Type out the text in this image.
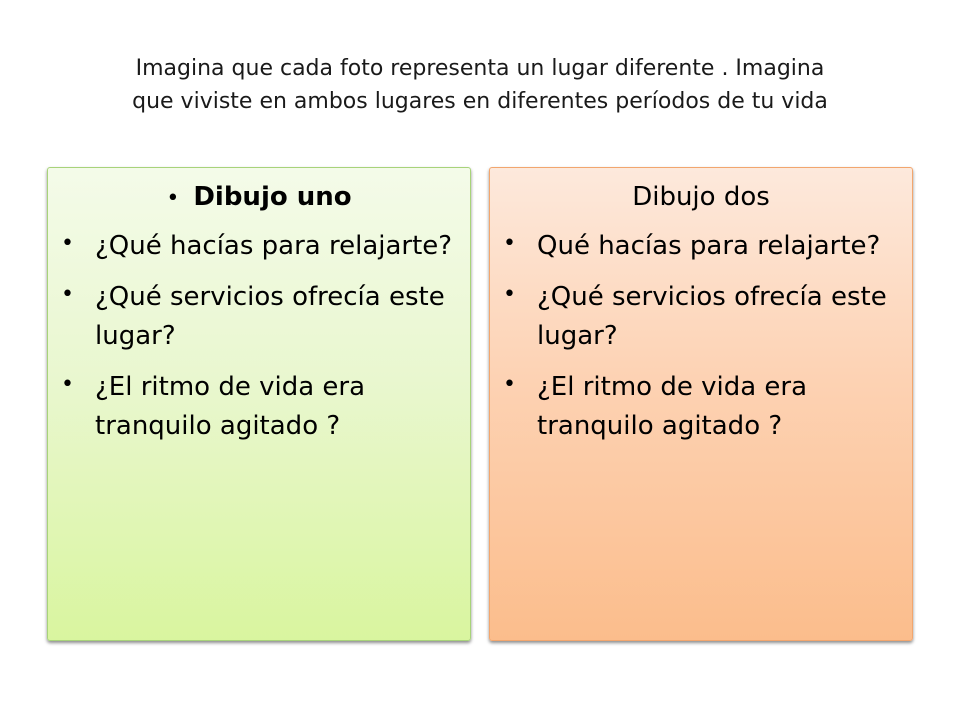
Imagina que cada foto representa un lugar diferente . Imagina
que viviste en ambos lugares en diferentes períodos de tu vida
• Dibujo uno
• ¿Qué hacías para relajarte?
• ¿Qué servicios ofrecía este lugar?
• ¿El ritmo de vida era tranquilo agitado ?
Dibujo dos
• Qué hacías para relajarte?
• ¿Qué servicios ofrecía este lugar?
• ¿El ritmo de vida era tranquilo agitado ?
